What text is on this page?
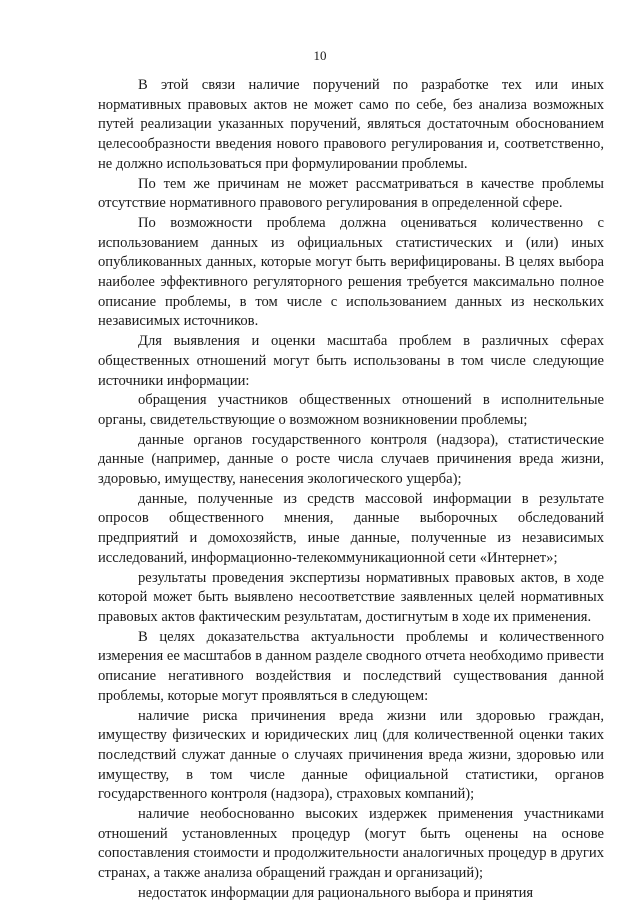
10

В этой связи наличие поручений по разработке тех или иных нормативных правовых актов не может само по себе, без анализа возможных путей реализации указанных поручений, являться достаточным обоснованием целесообразности введения нового правового регулирования и, соответственно, не должно использоваться при формулировании проблемы.

По тем же причинам не может рассматриваться в качестве проблемы отсутствие нормативного правового регулирования в определенной сфере.

По возможности проблема должна оцениваться количественно с использованием данных из официальных статистических и (или) иных опубликованных данных, которые могут быть верифицированы. В целях выбора наиболее эффективного регуляторного решения требуется максимально полное описание проблемы, в том числе с использованием данных из нескольких независимых источников.

Для выявления и оценки масштаба проблем в различных сферах общественных отношений могут быть использованы в том числе следующие источники информации:

обращения участников общественных отношений в исполнительные органы, свидетельствующие о возможном возникновении проблемы;

данные органов государственного контроля (надзора), статистические данные (например, данные о росте числа случаев причинения вреда жизни, здоровью, имуществу, нанесения экологического ущерба);

данные, полученные из средств массовой информации в результате опросов общественного мнения, данные выборочных обследований предприятий и домохозяйств, иные данные, полученные из независимых исследований, информационно-телекоммуникационной сети «Интернет»;

результаты проведения экспертизы нормативных правовых актов, в ходе которой может быть выявлено несоответствие заявленных целей нормативных правовых актов фактическим результатам, достигнутым в ходе их применения.

В целях доказательства актуальности проблемы и количественного измерения ее масштабов в данном разделе сводного отчета необходимо привести описание негативного воздействия и последствий существования данной проблемы, которые могут проявляться в следующем:

наличие риска причинения вреда жизни или здоровью граждан, имуществу физических и юридических лиц (для количественной оценки таких последствий служат данные о случаях причинения вреда жизни, здоровью или имуществу, в том числе данные официальной статистики, органов государственного контроля (надзора), страховых компаний);

наличие необоснованно высоких издержек применения участниками отношений установленных процедур (могут быть оценены на основе сопоставления стоимости и продолжительности аналогичных процедур в других странах, а также анализа обращений граждан и организаций);

недостаток информации для рационального выбора и принятия
